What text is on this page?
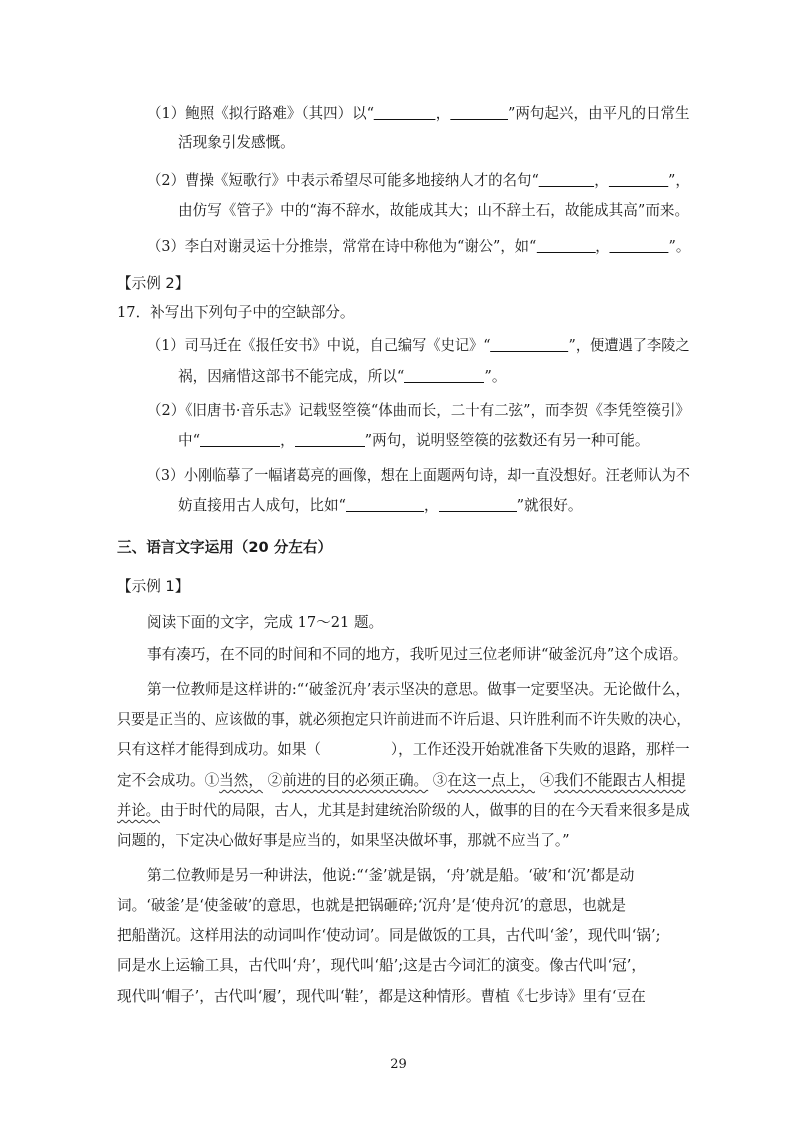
（1）鲍照《拟行路难》（其四）以“	，	”两句起兴，由平凡的日常生
活现象引发感慨。
（2）曹操《短歌行》中表示希望尽可能多地接纳人才的名句“	，	”，
由仿写《管子》中的“海不辞水，故能成其大；山不辞土石，故能成其高”而来。
（3）李白对谢灵运十分推崇，常常在诗中称他为“谢公”，如“	，	”。
【示例 2】
17．补写出下列句子中的空缺部分。
（1）司马迁在《报任安书》中说，自己编写《史记》“	”，便遭遇了李陵之
祸，因痛惜这部书不能完成，所以“	”。
（2）《旧唐书·音乐志》记载竖箜篌“体曲而长，二十有二弦”，而李贺《李凭箜篌引》
中“	，	”两句，说明竖箜篌的弦数还有另一种可能。
（3）小刚临摹了一幅诸葛亮的画像，想在上面题两句诗，却一直没想好。汪老师认为不
妨直接用古人成句，比如“	，	”就很好。
三、语言文字运用（20 分左右）
【示例 1】
阅读下面的文字，完成 17～21 题。
事有凑巧，在不同的时间和不同的地方，我听见过三位老师讲“破釜沉舟”这个成语。
第一位教师是这样讲的:“‘破釜沉舟’表示坚决的意思。做事一定要坚决。无论做什么，
只要是正当的、应该做的事，就必须抱定只许前进而不许后退、只许胜利而不许失败的决心，
只有这样才能得到成功。如果（	），工作还没开始就准备下失败的退路，那样一
定不会成功。①当然， ②前进的目的必须正确。 ③在这一点上， ④我们不能跟古人相提
并论。由于时代的局限，古人，尤其是封建统治阶级的人，做事的目的在今天看来很多是成
问题的，下定决心做好事是应当的，如果坚决做坏事，那就不应当了。”
第二位教师是另一种讲法，他说:“‘釜’就是锅，‘舟’就是船。‘破’和‘沉’都是动
词。‘破釜’是‘使釜破’的意思，也就是把锅砸碎;‘沉舟’是‘使舟沉’的意思，也就是
把船凿沉。这样用法的动词叫作‘使动词’。同是做饭的工具，古代叫‘釜’，现代叫‘锅’;
同是水上运输工具，古代叫‘舟’，现代叫‘船’;这是古今词汇的演变。像古代叫‘冠’，
现代叫‘帽子’，古代叫‘履’，现代叫‘鞋’，都是这种情形。曹植《七步诗》里有‘豆在
29
